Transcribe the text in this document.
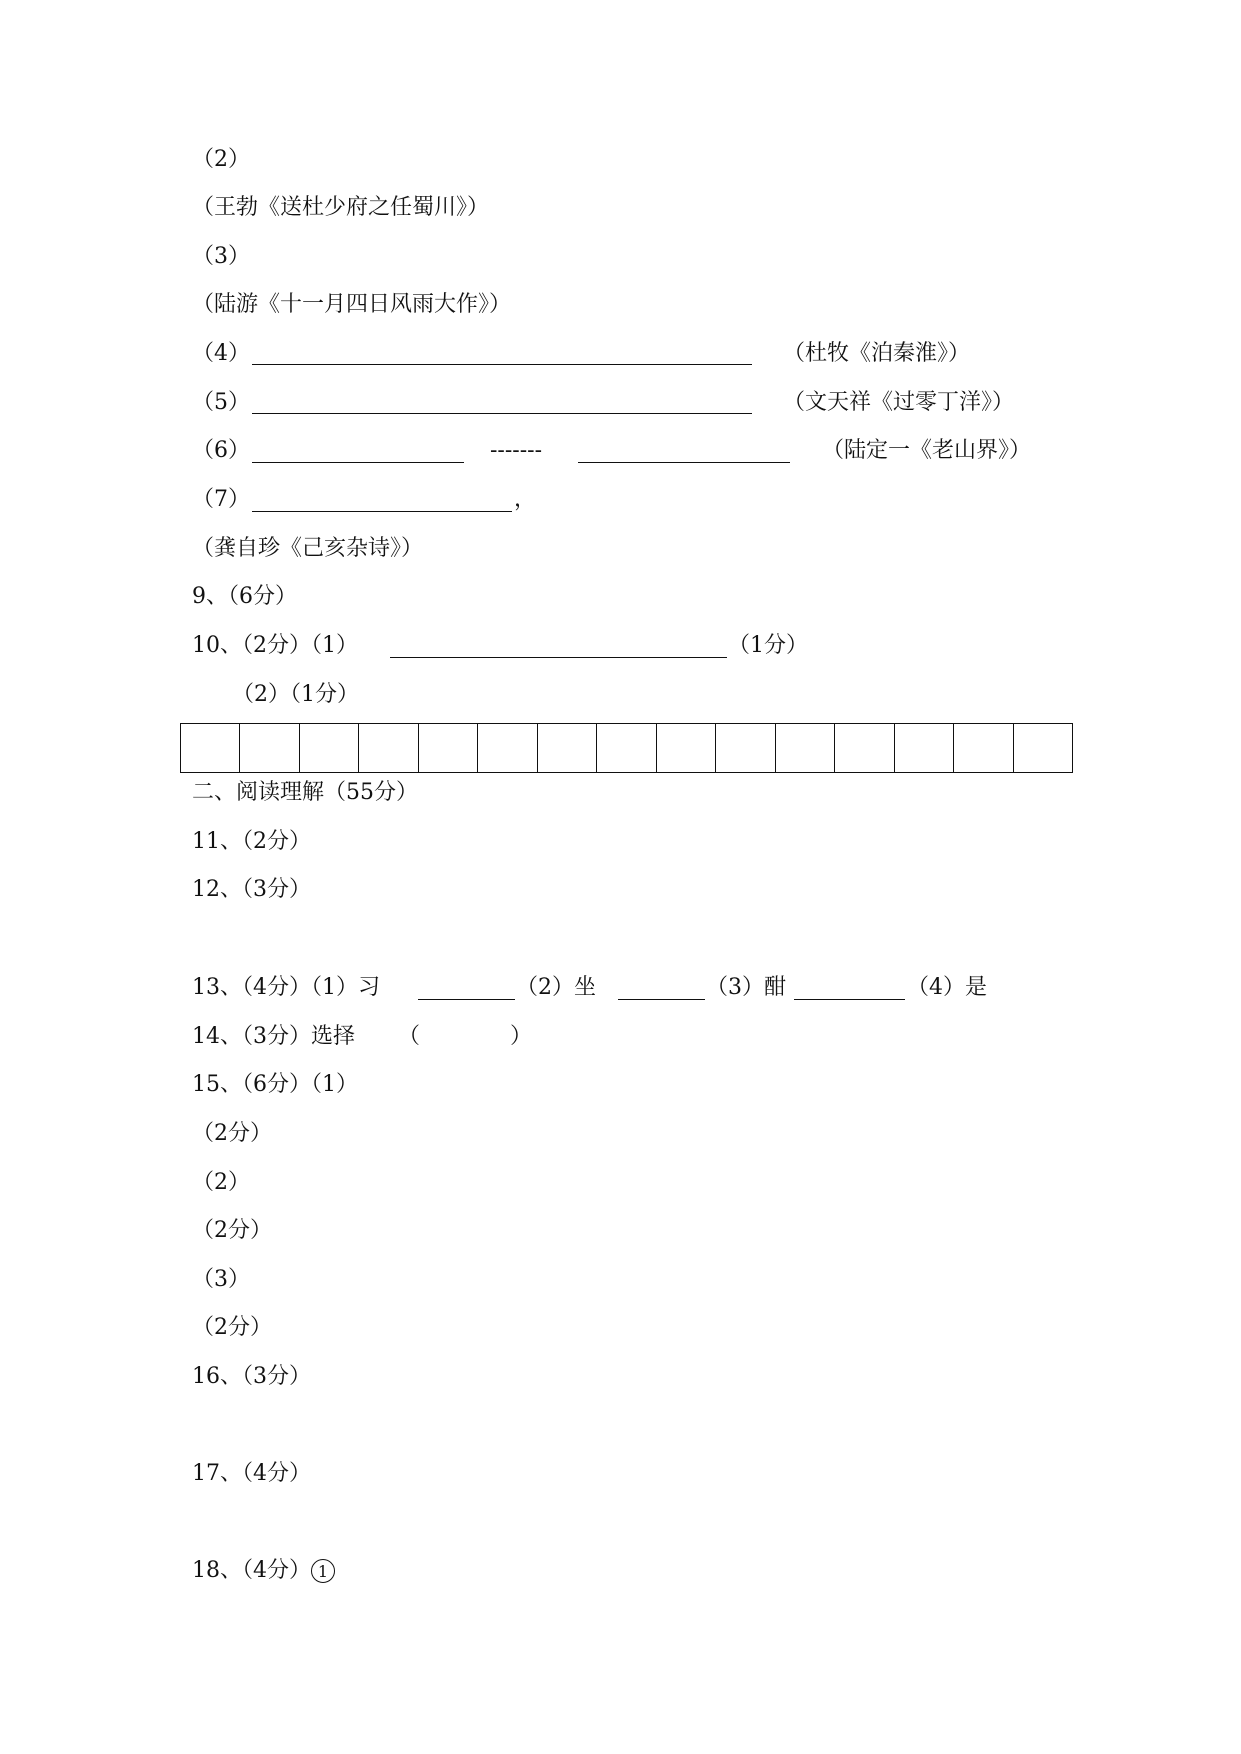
（2）
（王勃《送杜少府之任蜀川》）
（3）
（陆游《十一月四日风雨大作》）
（4）	（杜牧《泊秦淮》）
（5）	（文天祥《过零丁洋》）
（6）	-------	（陆定一《老山界》）
（7）	，
（龚自珍《己亥杂诗》）
9、（6分）
10、（2分）（1）	（1分）
（2）（1分）
二、阅读理解（55分）
11、（2分）
12、（3分）
13、（4分）（1）习	（2）坐	（3）酣	（4）是
14、（3分）选择 （	）
15、（6分）（1）
（2分）
（2）
（2分）
（3）
（2分）
16、（3分）
17、（4分）
18、（4分） 1
